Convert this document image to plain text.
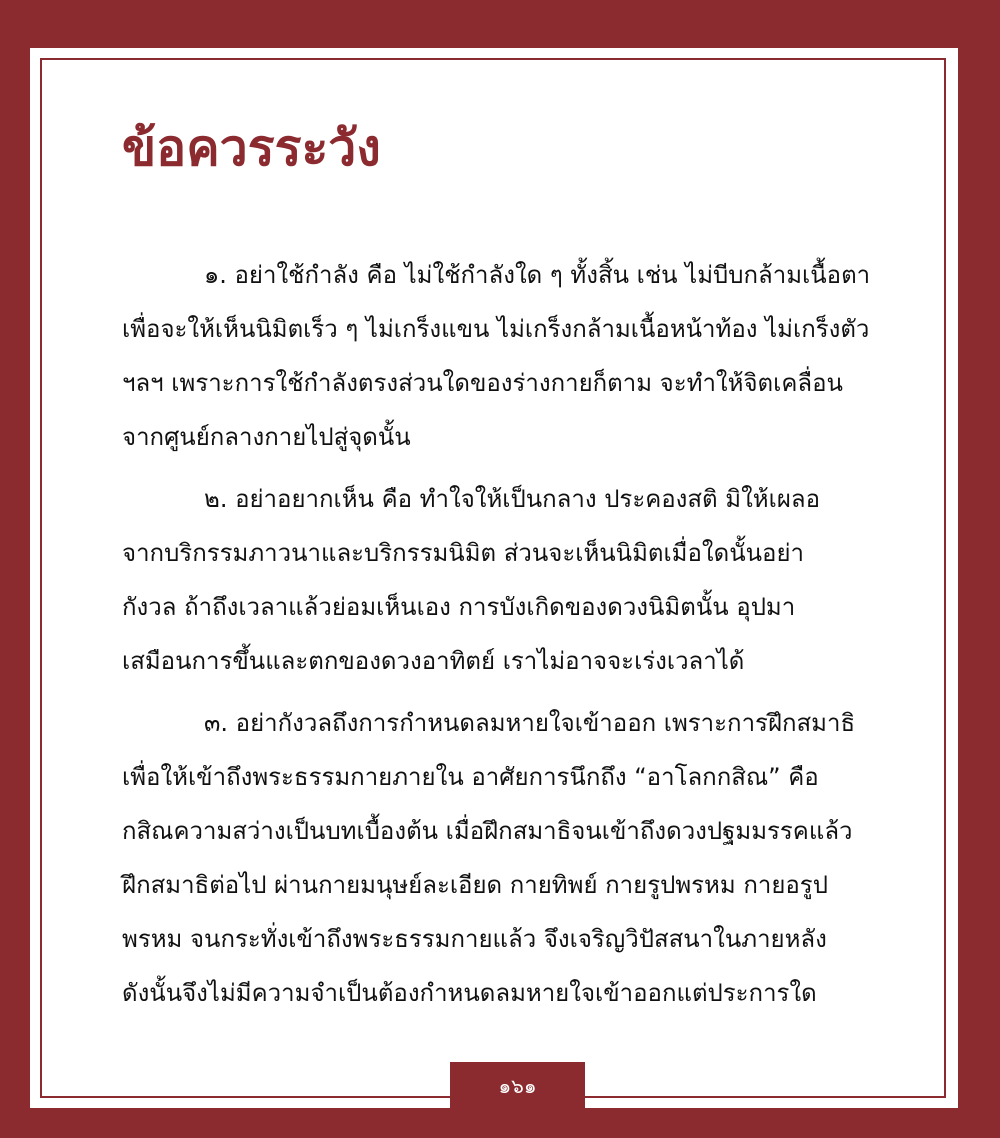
ข้อควรระวัง
๑. อย่าใช้กำลัง คือ ไม่ใช้กำลังใด ๆ ทั้งสิ้น เช่น ไม่บีบกล้ามเนื้อตา
เพื่อจะให้เห็นนิมิตเร็ว ๆ ไม่เกร็งแขน ไม่เกร็งกล้ามเนื้อหน้าท้อง ไม่เกร็งตัว
ฯลฯ เพราะการใช้กำลังตรงส่วนใดของร่างกายก็ตาม จะทำให้จิตเคลื่อน
จากศูนย์กลางกายไปสู่จุดนั้น
๒. อย่าอยากเห็น คือ ทำใจให้เป็นกลาง ประคองสติ มิให้เผลอ
จากบริกรรมภาวนาและบริกรรมนิมิต ส่วนจะเห็นนิมิตเมื่อใดนั้นอย่า
กังวล ถ้าถึงเวลาแล้วย่อมเห็นเอง การบังเกิดของดวงนิมิตนั้น อุปมา
เสมือนการขึ้นและตกของดวงอาทิตย์ เราไม่อาจจะเร่งเวลาได้
๓. อย่ากังวลถึงการกำหนดลมหายใจเข้าออก เพราะการฝึกสมาธิ
เพื่อให้เข้าถึงพระธรรมกายภายใน อาศัยการนึกถึง “อาโลกกสิณ” คือ
กสิณความสว่างเป็นบทเบื้องต้น เมื่อฝึกสมาธิจนเข้าถึงดวงปฐมมรรคแล้ว
ฝึกสมาธิต่อไป ผ่านกายมนุษย์ละเอียด กายทิพย์ กายรูปพรหม กายอรูป
พรหม จนกระทั่งเข้าถึงพระธรรมกายแล้ว จึงเจริญวิปัสสนาในภายหลัง
ดังนั้นจึงไม่มีความจำเป็นต้องกำหนดลมหายใจเข้าออกแต่ประการใด
๑๖๑
